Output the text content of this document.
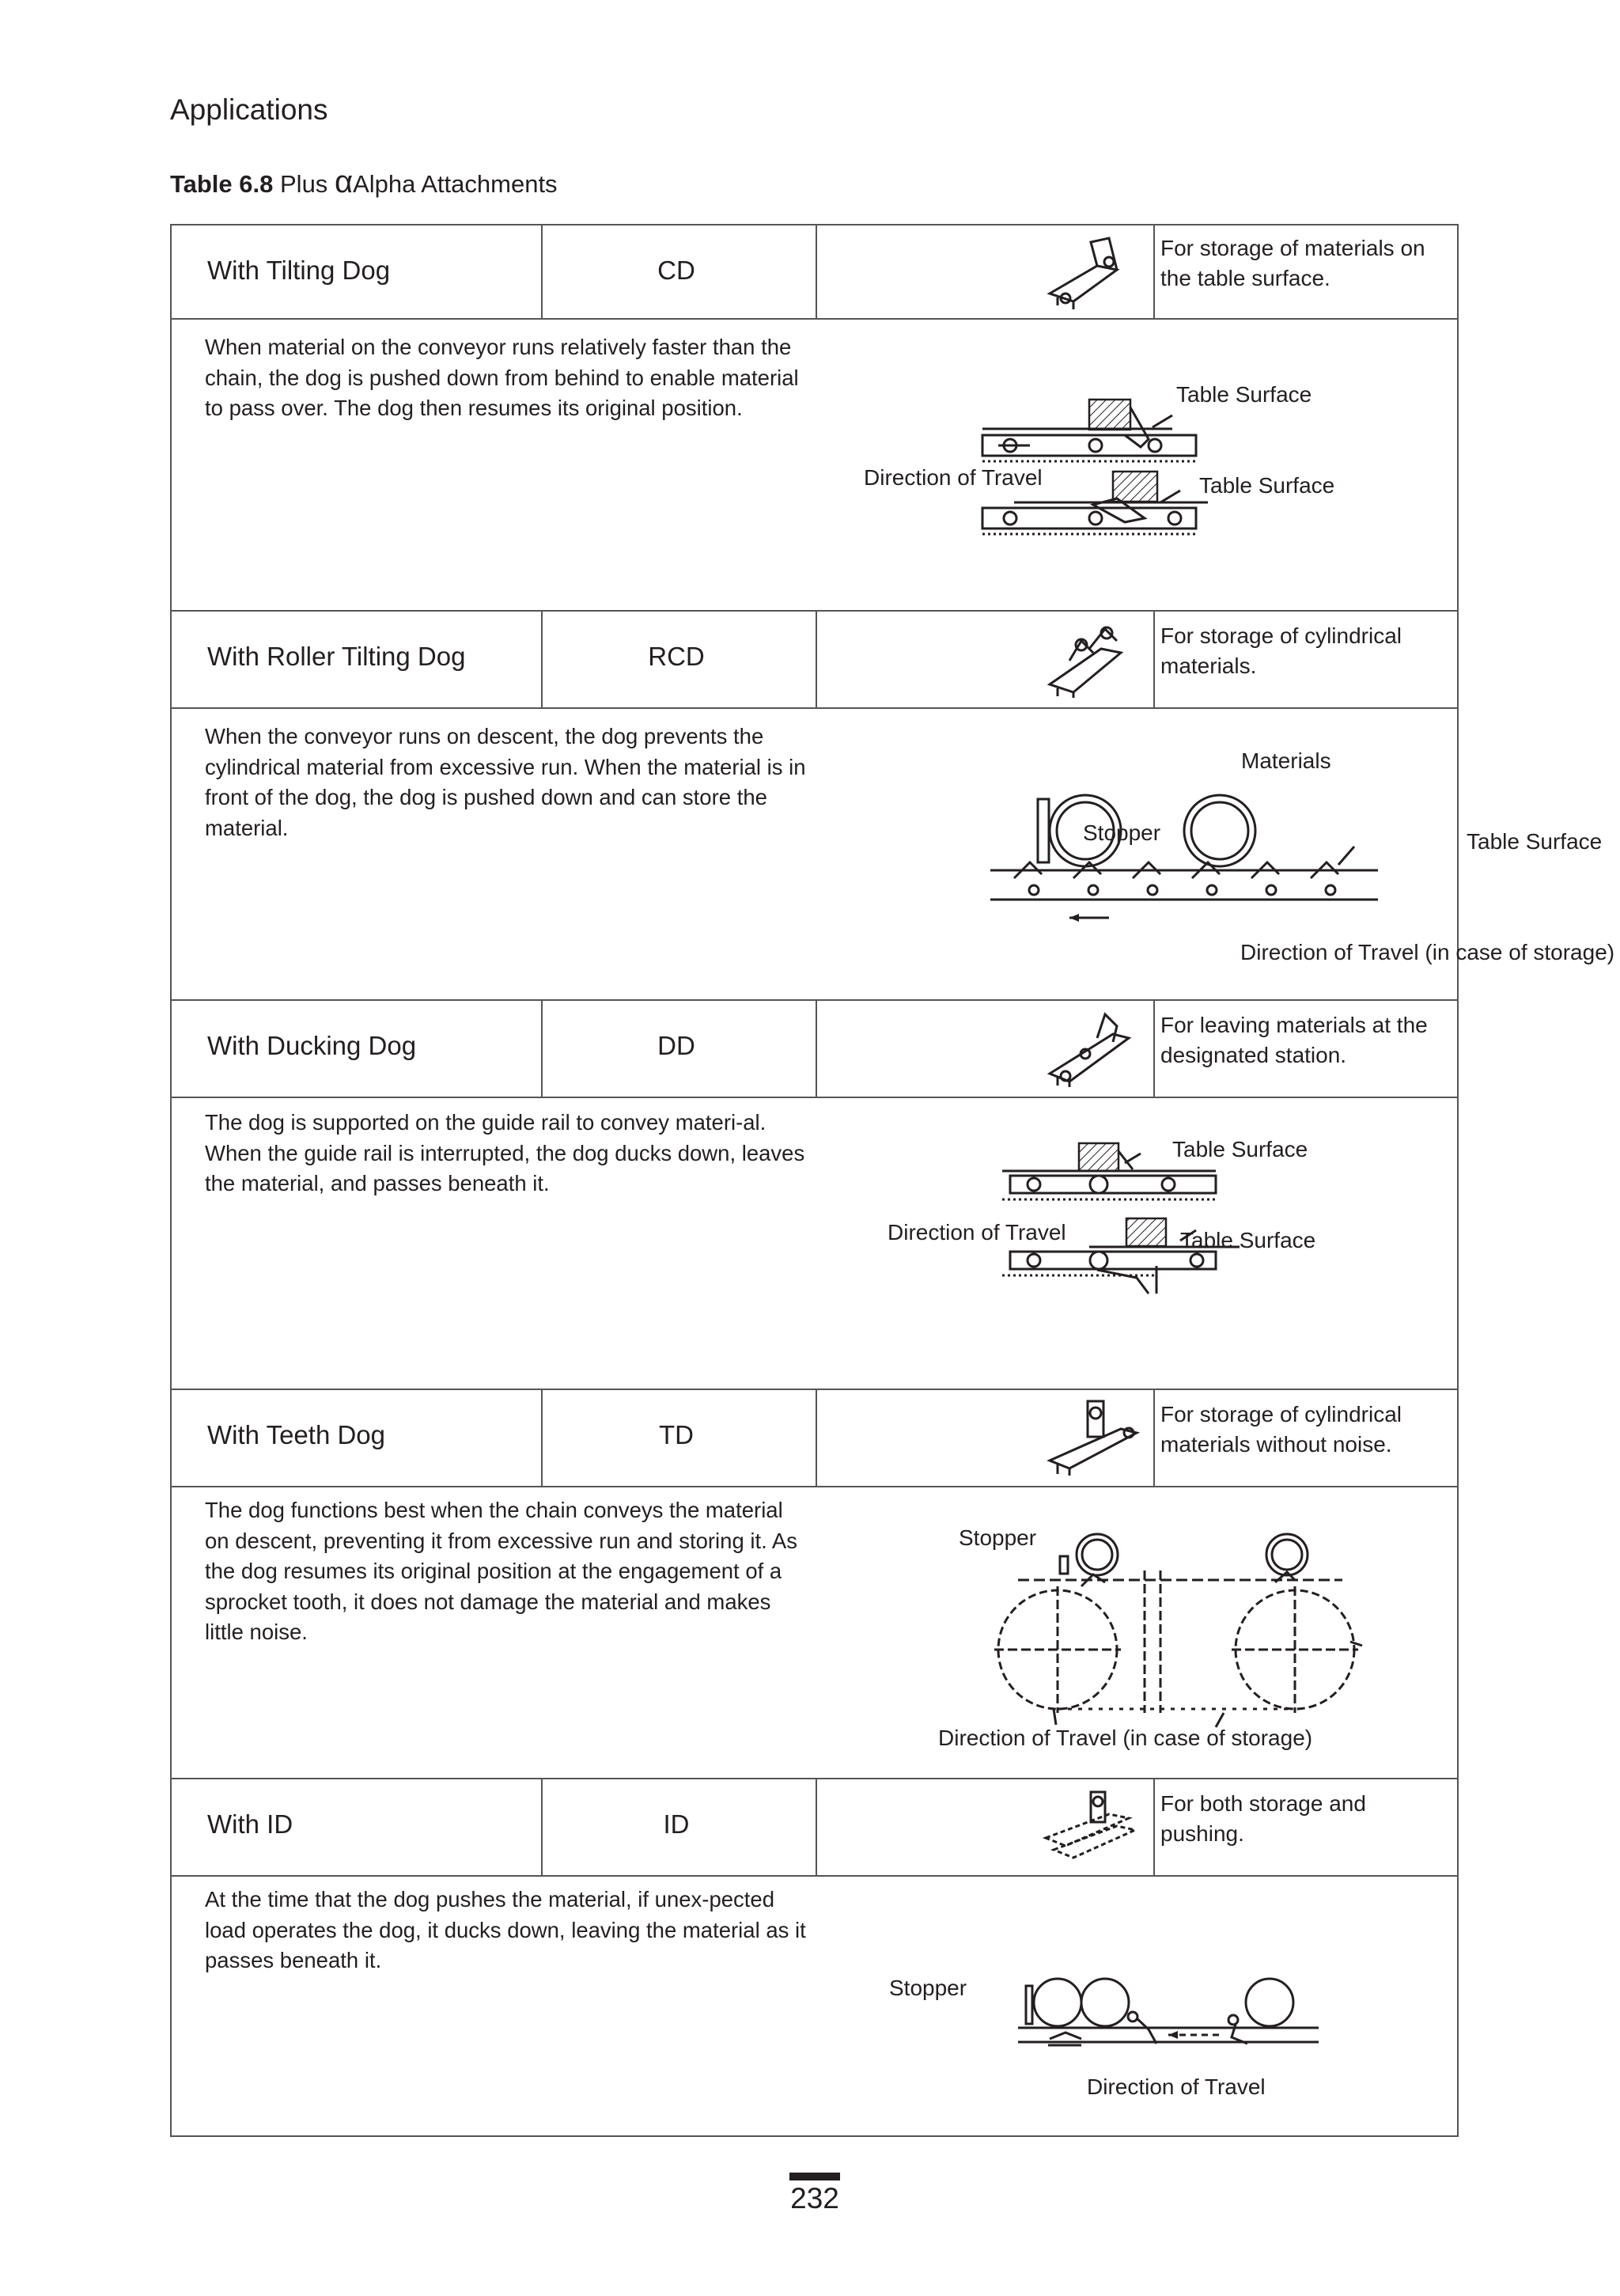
Applications
Table 6.8 Plus αAlpha Attachments
With Tilting Dog	CD
For storage of materials on the table surface.
When material on the conveyor runs relatively faster than the chain, the dog is pushed down from behind to enable material to pass over. The dog then resumes its original position.
Table Surface
Direction of Travel	Table Surface
With Roller Tilting Dog	RCD
For storage of cylindrical materials.
When the conveyor runs on descent, the dog prevents the cylindrical material from excessive run. When the material is in front of the dog, the dog is pushed down and can store the material.
Materials
Stopper	Table Surface
Direction of Travel (in case of storage)
With Ducking Dog	DD
For leaving materials at the designated station.
The dog is supported on the guide rail to convey materi-al. When the guide rail is interrupted, the dog ducks down, leaves the material, and passes beneath it.
Table Surface
Direction of Travel	Table Surface
With Teeth Dog	TD
For storage of cylindrical materials without noise.
The dog functions best when the chain conveys the material on descent, preventing it from excessive run and storing it. As the dog resumes its original position at the engagement of a sprocket tooth, it does not damage the material and makes little noise.
Stopper
Direction of Travel (in case of storage)
With ID	ID
For both storage and pushing.
At the time that the dog pushes the material, if unex-pected load operates the dog, it ducks down, leaving the material as it passes beneath it.
Stopper
Direction of Travel
232
